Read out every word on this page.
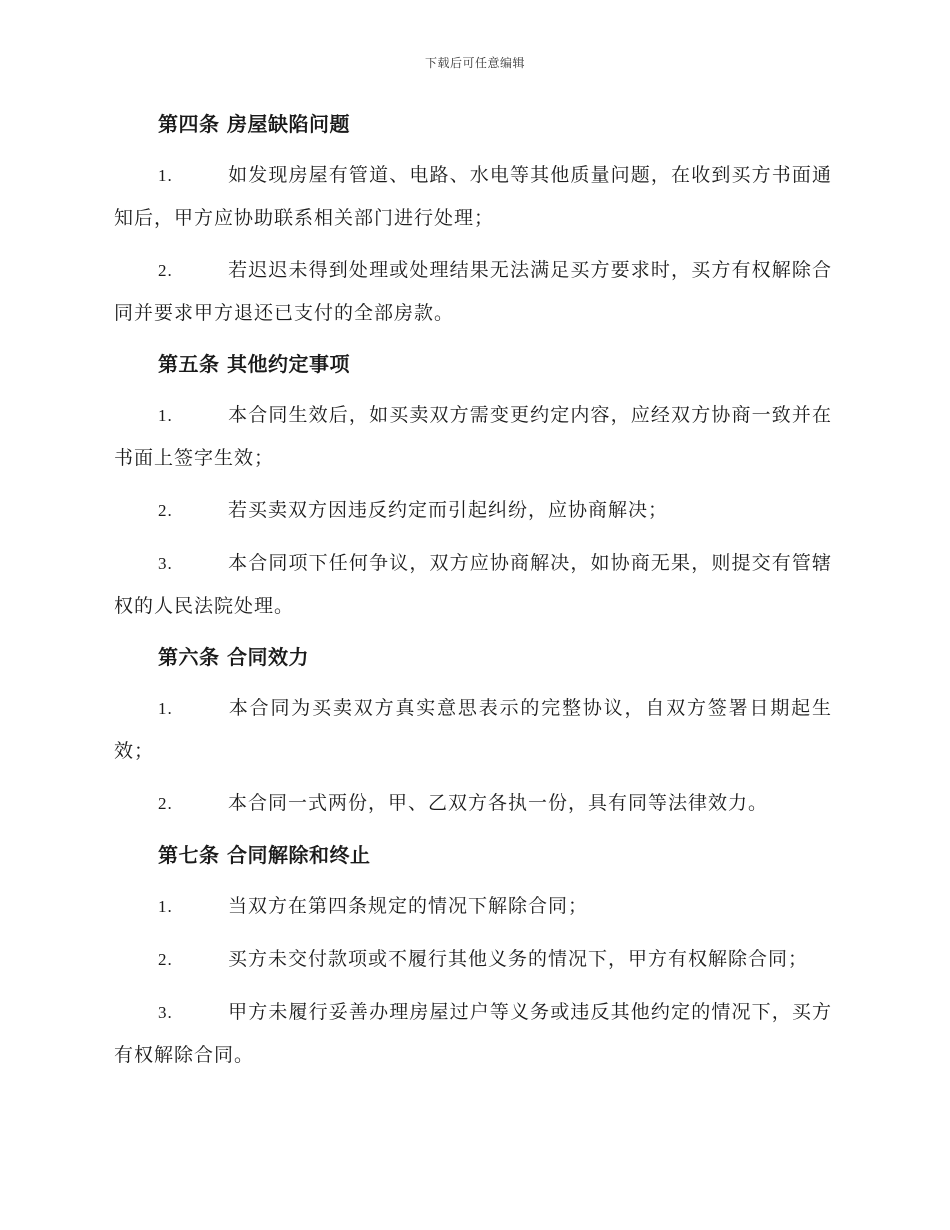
下载后可任意编辑
第四条 房屋缺陷问题

1.	如发现房屋有管道、电路、水电等其他质量问题，在收到买方书面通知后，甲方应协助联系相关部门进行处理；

2.	若迟迟未得到处理或处理结果无法满足买方要求时，买方有权解除合同并要求甲方退还已支付的全部房款。

第五条 其他约定事项

1.	本合同生效后，如买卖双方需变更约定内容，应经双方协商一致并在书面上签字生效；

2.	若买卖双方因违反约定而引起纠纷，应协商解决；

3.	本合同项下任何争议，双方应协商解决，如协商无果，则提交有管辖权的人民法院处理。

第六条 合同效力

1.	本合同为买卖双方真实意思表示的完整协议，自双方签署日期起生效；

2.	本合同一式两份，甲、乙双方各执一份，具有同等法律效力。

第七条 合同解除和终止

1.	当双方在第四条规定的情况下解除合同；

2.	买方未交付款项或不履行其他义务的情况下，甲方有权解除合同；

3.	甲方未履行妥善办理房屋过户等义务或违反其他约定的情况下，买方有权解除合同。
